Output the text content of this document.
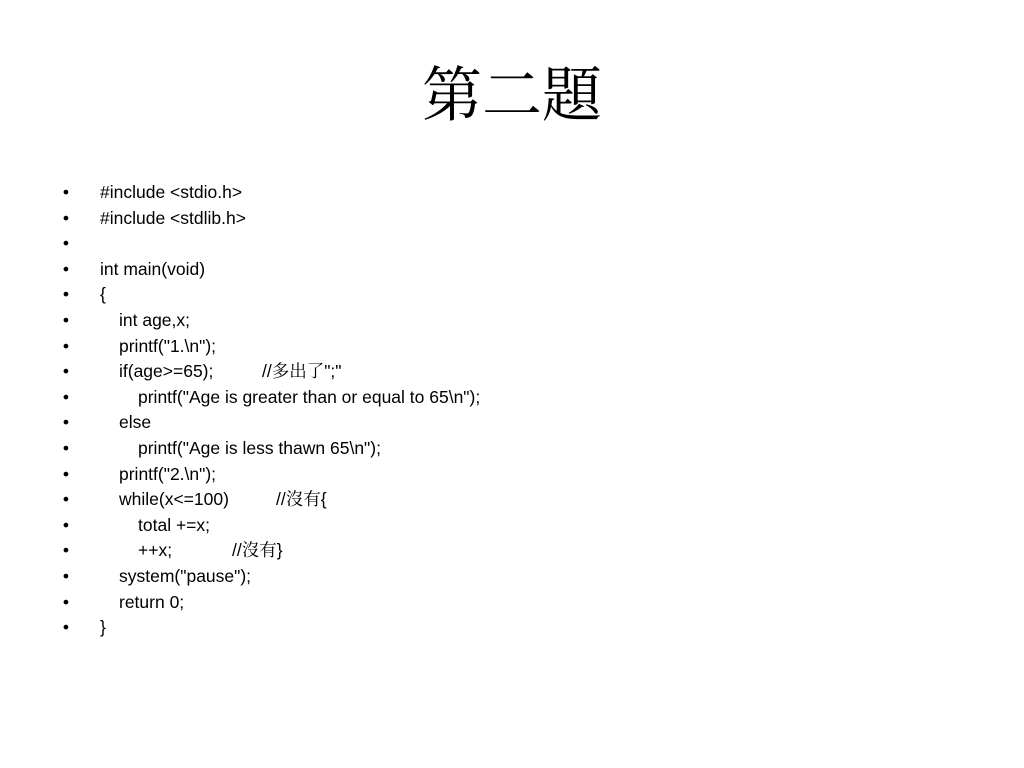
第二題

•

#include <stdio.h>

•

#include <stdlib.h>

•

•

int main(void)

•

{

•

	int age,x;

•

	printf("1.\n");

•

	if(age>=65);

	//多出了";"

•

	printf("Age is greater than or equal to 65\n");

•

	else

•

	printf("Age is less thawn 65\n");

•

	printf("2.\n");

•

	while(x<=100)

	//沒有{

•

	total +=x;

•

	++x;

	//沒有}

•

	system("pause");

•

	return 0;

•

}
